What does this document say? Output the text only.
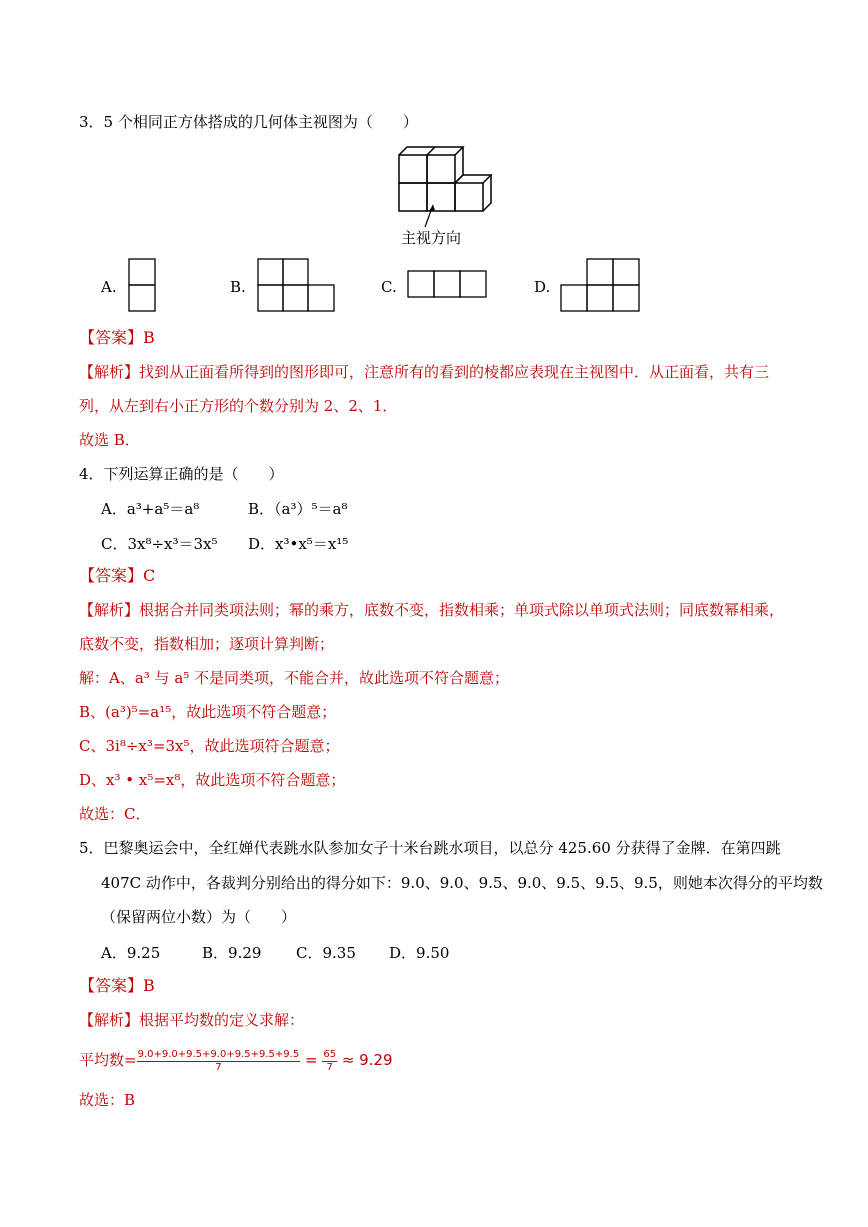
3．5 个相同正方体搭成的几何体主视图为（　　）
主视方向
A.	B.	C.	D.
【答案】B
【解析】找到从正面看所得到的图形即可，注意所有的看到的棱都应表现在主视图中．从正面看，共有三
列，从左到右小正方形的个数分别为 2、2、1．
故选 B．
4．下列运算正确的是（　　）
A．a³+a⁵＝a⁸	B．（a³）⁵＝a⁸
C．3x⁸÷x³＝3x⁵ D．x³•x⁵＝x¹⁵
【答案】C
【解析】根据合并同类项法则；幂的乘方，底数不变，指数相乘；单项式除以单项式法则；同底数幂相乘，
底数不变，指数相加；逐项计算判断；
解：A、a³ 与 a⁵ 不是同类项，不能合并，故此选项不符合题意；
B、(a³)⁵=a¹⁵，故此选项不符合题意；
C、3i⁸÷x³=3x⁵，故此选项符合题意；
D、x³ • x⁵=x⁸，故此选项不符合题意；
故选：C．
5．巴黎奥运会中，全红婵代表跳水队参加女子十米台跳水项目，以总分 425.60 分获得了金牌．在第四跳
407C 动作中，各裁判分别给出的得分如下：9.0、9.0、9.5、9.0、9.5、9.5、9.5，则她本次得分的平均数
（保留两位小数）为（　　）
A．9.25	B．9.29 C．9.35 D．9.50
【答案】B
【解析】根据平均数的定义求解：
平均数= $\frac{9.0+9.0+9.5+9.0+9.5+9.5+9.5}{7} = \frac{65}{7} \approx 9.29$
故选：B
